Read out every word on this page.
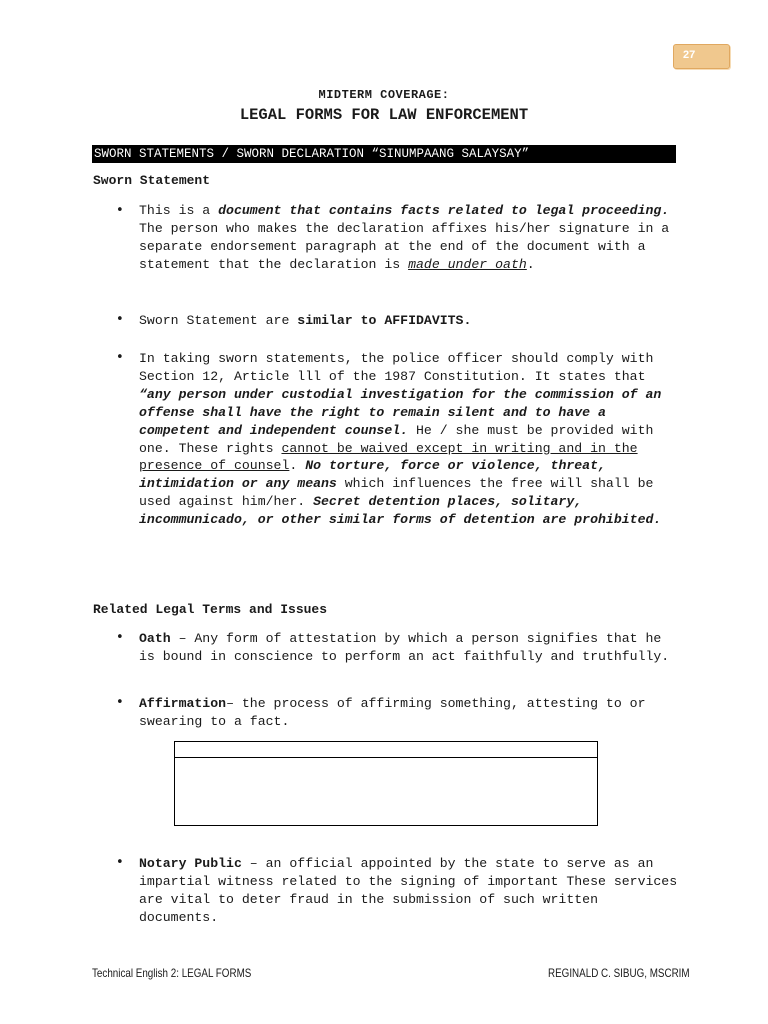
27
MIDTERM COVERAGE:
LEGAL FORMS FOR LAW ENFORCEMENT
SWORN STATEMENTS / SWORN DECLARATION “SINUMPAANG SALAYSAY”
Sworn Statement
• This is a document that contains facts related to legal proceeding. The person who makes the declaration affixes his/her signature in a separate endorsement paragraph at the end of the document with a statement that the declaration is made under oath.
• Sworn Statement are similar to AFFIDAVITS.
• In taking sworn statements, the police officer should comply with Section 12, Article lll of the 1987 Constitution. It states that “any person under custodial investigation for the commission of an offense shall have the right to remain silent and to have a competent and independent counsel. He / she must be provided with one. These rights cannot be waived except in writing and in the presence of counsel. No torture, force or violence, threat, intimidation or any means which influences the free will shall be used against him/her. Secret detention places, solitary, incommunicado, or other similar forms of detention are prohibited.
Related Legal Terms and Issues
• Oath – Any form of attestation by which a person signifies that he is bound in conscience to perform an act faithfully and truthfully.
• Affirmation– the process of affirming something, attesting to or swearing to a fact.
• Notary Public – an official appointed by the state to serve as an impartial witness related to the signing of important These services are vital to deter fraud in the submission of such written documents.
Technical English 2: LEGAL FORMS	REGINALD C. SIBUG, MSCRIM
